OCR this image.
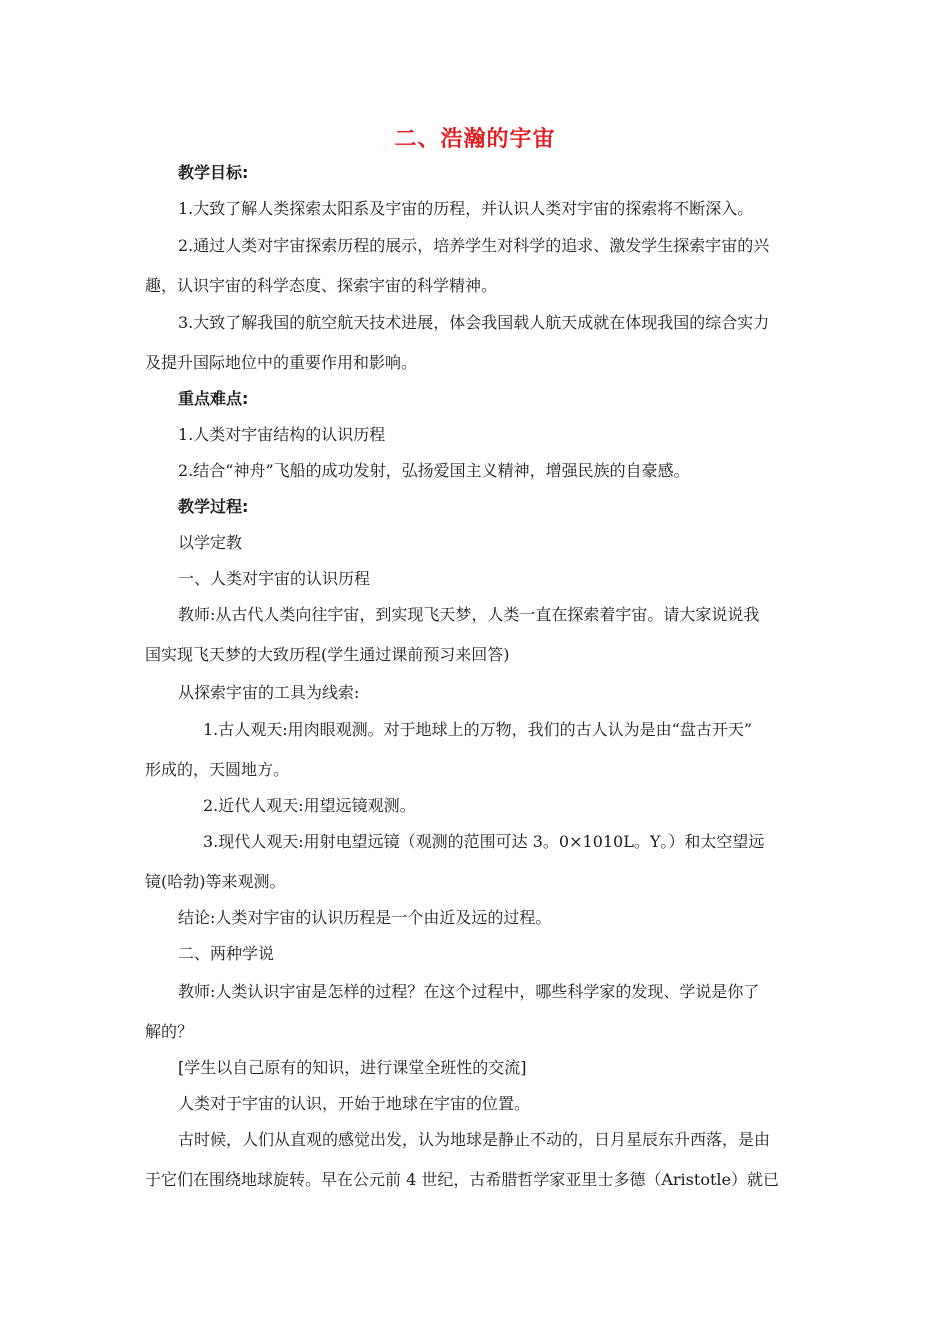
二、浩瀚的宇宙
教学目标:
1.大致了解人类探索太阳系及宇宙的历程，并认识人类对宇宙的探索将不断深入。
2.通过人类对宇宙探索历程的展示，培养学生对科学的追求、激发学生探索宇宙的兴
趣，认识宇宙的科学态度、探索宇宙的科学精神。
3.大致了解我国的航空航天技术进展，体会我国载人航天成就在体现我国的综合实力
及提升国际地位中的重要作用和影响。
重点难点:
1.人类对宇宙结构的认识历程
2.结合“神舟”飞船的成功发射，弘扬爱国主义精神，增强民族的自豪感。
教学过程:
以学定教
一、人类对宇宙的认识历程
教师:从古代人类向往宇宙，到实现飞天梦，人类一直在探索着宇宙。请大家说说我
国实现飞天梦的大致历程(学生通过课前预习来回答)
从探索宇宙的工具为线索:
1.古人观天:用肉眼观测。对于地球上的万物，我们的古人认为是由“盘古开天”
形成的，天圆地方。
2.近代人观天:用望远镜观测。
3.现代人观天:用射电望远镜（观测的范围可达 3。0×1010L。Y。）和太空望远
镜(哈勃)等来观测。
结论:人类对宇宙的认识历程是一个由近及远的过程。
二、两种学说
教师:人类认识宇宙是怎样的过程？在这个过程中，哪些科学家的发现、学说是你了
解的？
[学生以自己原有的知识，进行课堂全班性的交流]
人类对于宇宙的认识，开始于地球在宇宙的位置。
古时候，人们从直观的感觉出发，认为地球是静止不动的，日月星辰东升西落，是由
于它们在围绕地球旋转。早在公元前 4 世纪，古希腊哲学家亚里士多德（Aristotle）就已
